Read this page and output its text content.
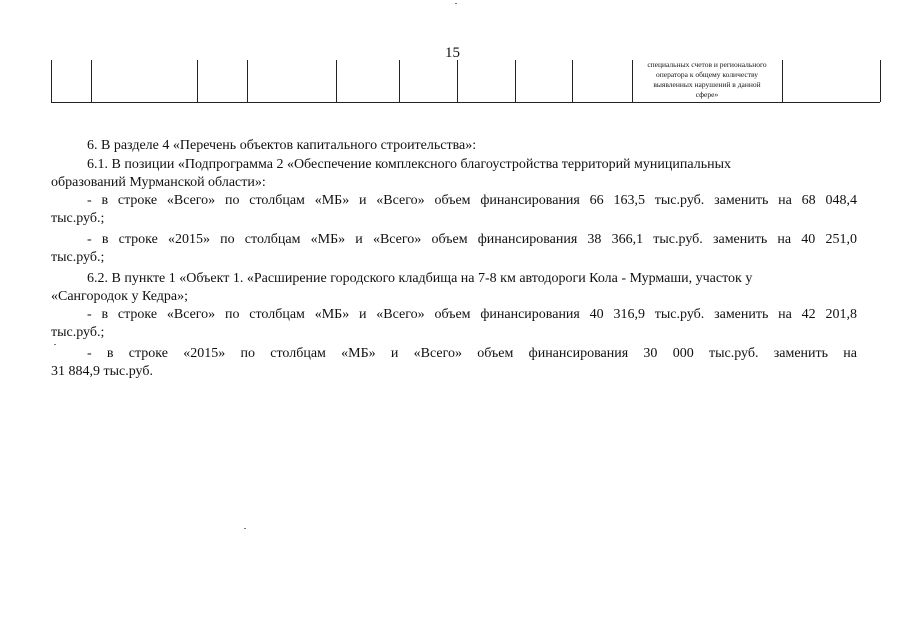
15
специальных счетов и регионального
оператора к общему количеству
выявленных нарушений в данной
сфере»

6. В разделе 4 «Перечень объектов капитального строительства»:

6.1. В позиции «Подпрограмма 2 «Обеспечение комплексного благоустройства территорий муниципальных

образований Мурманской области»:

- в строке «Всего» по столбцам «МБ» и «Всего» объем финансирования 66 163,5 тыс.руб. заменить на 68 048,4

тыс.руб.;

- в строке «2015» по столбцам «МБ» и «Всего» объем финансирования 38 366,1 тыс.руб. заменить на 40 251,0

тыс.руб.;

6.2. В пункте 1 «Объект 1. «Расширение городского кладбища на 7-8 км автодороги Кола - Мурмаши, участок у

«Сангородок у Кедра»;

- в строке «Всего» по столбцам «МБ» и «Всего» объем финансирования 40 316,9 тыс.руб. заменить на 42 201,8

тыс.руб.;

- в строке «2015» по столбцам «МБ» и «Всего» объем финансирования 30 000 тыс.руб. заменить на

31 884,9 тыс.руб.
